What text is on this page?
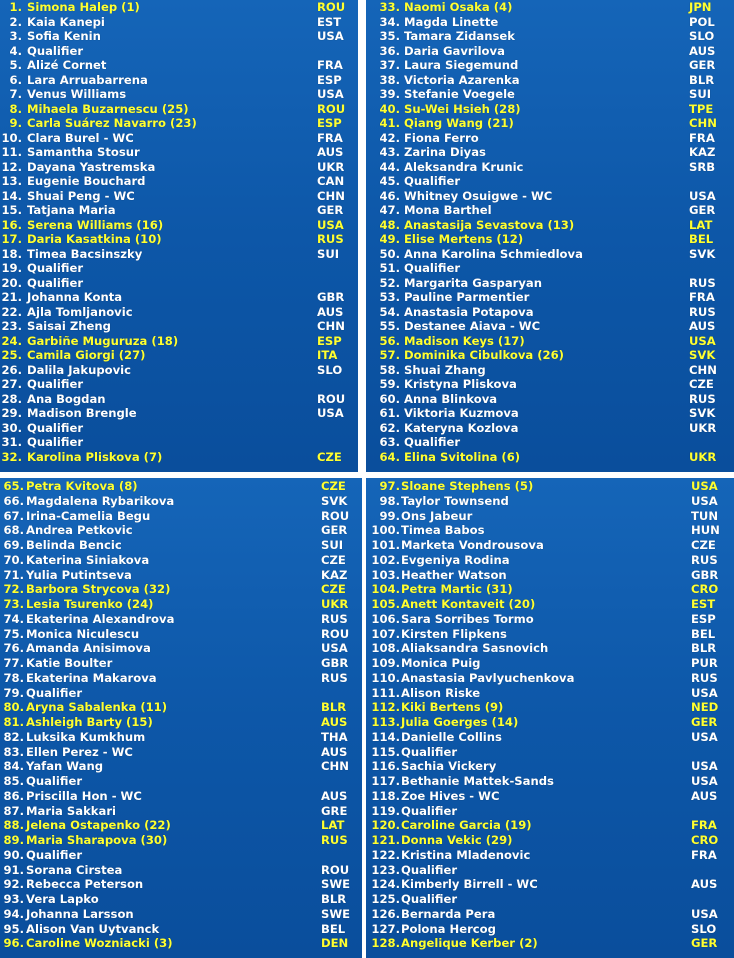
1. Simona Halep (1)	ROU
2. Kaia Kanepi	EST
3. Sofia Kenin	USA
4. Qualifier
5. Alizé Cornet	FRA
6. Lara Arruabarrena	ESP
7. Venus Williams	USA
8. Mihaela Buzarnescu (25)	ROU
9. Carla Suárez Navarro (23)	ESP
10. Clara Burel - WC	FRA
11. Samantha Stosur	AUS
12. Dayana Yastremska	UKR
13. Eugenie Bouchard	CAN
14. Shuai Peng - WC	CHN
15. Tatjana Maria	GER
16. Serena Williams (16)	USA
17. Daria Kasatkina (10)	RUS
18. Timea Bacsinszky	SUI
19. Qualifier
20. Qualifier
21. Johanna Konta	GBR
22. Ajla Tomljanovic	AUS
23. Saisai Zheng	CHN
24. Garbiñe Muguruza (18)	ESP
25. Camila Giorgi (27)	ITA
26. Dalila Jakupovic	SLO
27. Qualifier
28. Ana Bogdan	ROU
29. Madison Brengle	USA
30. Qualifier
31. Qualifier
32. Karolina Pliskova (7)	CZE
33. Naomi Osaka (4)	JPN
34. Magda Linette	POL
35. Tamara Zidansek	SLO
36. Daria Gavrilova	AUS
37. Laura Siegemund	GER
38. Victoria Azarenka	BLR
39. Stefanie Voegele	SUI
40. Su-Wei Hsieh (28)	TPE
41. Qiang Wang (21)	CHN
42. Fiona Ferro	FRA
43. Zarina Diyas	KAZ
44. Aleksandra Krunic	SRB
45. Qualifier
46. Whitney Osuigwe - WC	USA
47. Mona Barthel	GER
48. Anastasija Sevastova (13)	LAT
49. Elise Mertens (12)	BEL
50. Anna Karolina Schmiedlova	SVK
51. Qualifier
52. Margarita Gasparyan	RUS
53. Pauline Parmentier	FRA
54. Anastasia Potapova	RUS
55. Destanee Aiava - WC	AUS
56. Madison Keys (17)	USA
57. Dominika Cibulkova (26)	SVK
58. Shuai Zhang	CHN
59. Kristyna Pliskova	CZE
60. Anna Blinkova	RUS
61. Viktoria Kuzmova	SVK
62. Kateryna Kozlova	UKR
63. Qualifier
64. Elina Svitolina (6)	UKR
65. Petra Kvitova (8)	CZE
66. Magdalena Rybarikova	SVK
67. Irina-Camelia Begu	ROU
68. Andrea Petkovic	GER
69. Belinda Bencic	SUI
70. Katerina Siniakova	CZE
71. Yulia Putintseva	KAZ
72. Barbora Strycova (32)	CZE
73. Lesia Tsurenko (24)	UKR
74. Ekaterina Alexandrova	RUS
75. Monica Niculescu	ROU
76. Amanda Anisimova	USA
77. Katie Boulter	GBR
78. Ekaterina Makarova	RUS
79. Qualifier
80. Aryna Sabalenka (11)	BLR
81. Ashleigh Barty (15)	AUS
82. Luksika Kumkhum	THA
83. Ellen Perez - WC	AUS
84. Yafan Wang	CHN
85. Qualifier
86. Priscilla Hon - WC	AUS
87. Maria Sakkari	GRE
88. Jelena Ostapenko (22)	LAT
89. Maria Sharapova (30)	RUS
90. Qualifier
91. Sorana Cirstea	ROU
92. Rebecca Peterson	SWE
93. Vera Lapko	BLR
94. Johanna Larsson	SWE
95. Alison Van Uytvanck	BEL
96. Caroline Wozniacki (3)	DEN
97. Sloane Stephens (5)	USA
98. Taylor Townsend	USA
99. Ons Jabeur	TUN
100. Timea Babos	HUN
101. Marketa Vondrousova	CZE
102. Evgeniya Rodina	RUS
103. Heather Watson	GBR
104. Petra Martic (31)	CRO
105. Anett Kontaveit (20)	EST
106. Sara Sorribes Tormo	ESP
107. Kirsten Flipkens	BEL
108. Aliaksandra Sasnovich	BLR
109. Monica Puig	PUR
110. Anastasia Pavlyuchenkova	RUS
111. Alison Riske	USA
112. Kiki Bertens (9)	NED
113. Julia Goerges (14)	GER
114. Danielle Collins	USA
115. Qualifier
116. Sachia Vickery	USA
117. Bethanie Mattek-Sands	USA
118. Zoe Hives - WC	AUS
119. Qualifier
120. Caroline Garcia (19)	FRA
121. Donna Vekic (29)	CRO
122. Kristina Mladenovic	FRA
123. Qualifier
124. Kimberly Birrell - WC	AUS
125. Qualifier
126. Bernarda Pera	USA
127. Polona Hercog	SLO
128. Angelique Kerber (2)	GER
